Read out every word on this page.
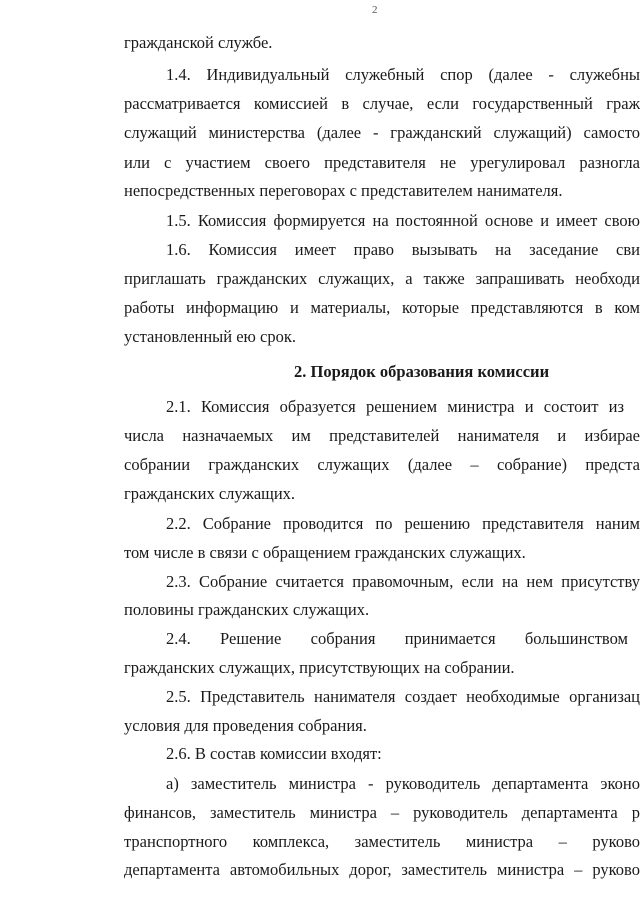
2
гражданской службе.
1.4. Индивидуальный служебный спор (далее - служебны
рассматривается комиссией в случае, если государственный граж
служащий министерства (далее - гражданский служащий) самосто
или с участием своего представителя не урегулировал разногла
непосредственных переговорах с представителем нанимателя.
1.5. Комиссия формируется на постоянной основе и имеет свою
1.6. Комиссия имеет право вызывать на заседание сви
приглашать гражданских служащих, а также запрашивать необходи
работы информацию и материалы, которые представляются в ком
установленный ею срок.
2. Порядок образования комиссии
2.1. Комиссия образуется решением министра и состоит из
числа назначаемых им представителей нанимателя и избирае
собрании гражданских служащих (далее – собрание) предста
гражданских служащих.
2.2. Собрание проводится по решению представителя наним
том числе в связи с обращением гражданских служащих.
2.3. Собрание считается правомочным, если на нем присутству
половины гражданских служащих.
2.4. Решение собрания принимается большинством
гражданских служащих, присутствующих на собрании.
2.5. Представитель нанимателя создает необходимые организац
условия для проведения собрания.
2.6. В состав комиссии входят:
а) заместитель министра - руководитель департамента эконо
финансов, заместитель министра – руководитель департамента р
транспортного комплекса, заместитель министра – руково
департамента автомобильных дорог, заместитель министра – руково
